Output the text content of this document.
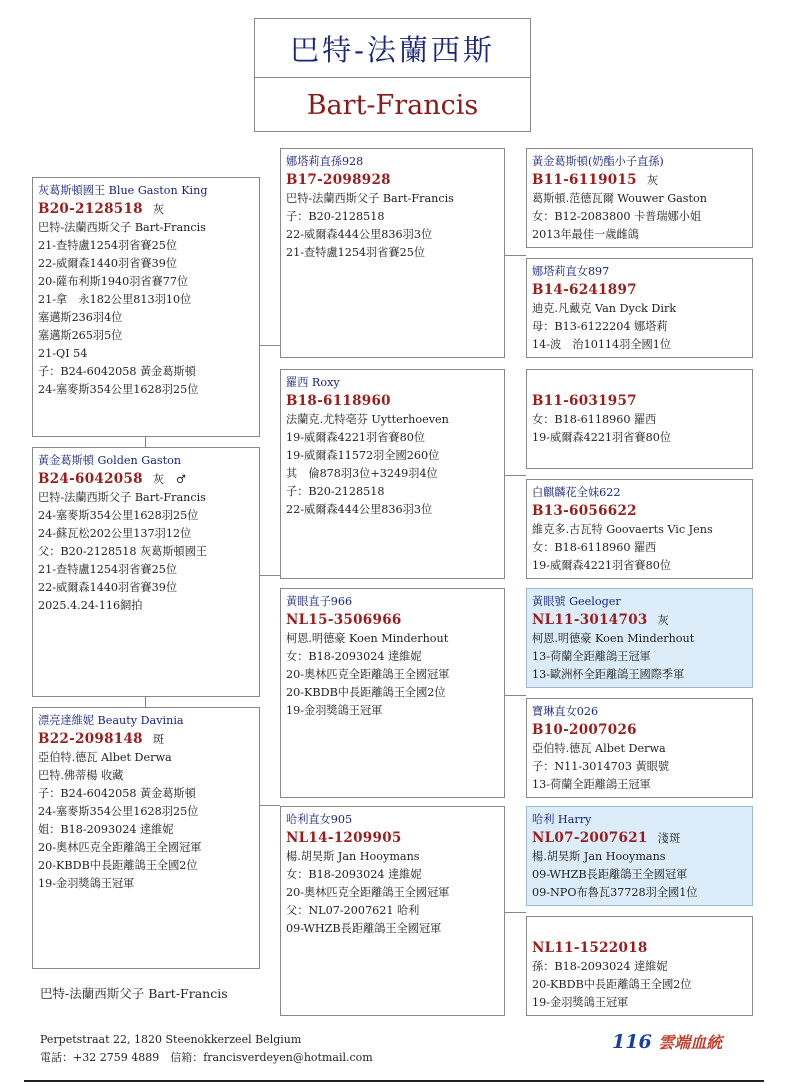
巴特-法蘭西斯
Bart-Francis
灰葛斯頓國王 Blue Gaston King
B20-2128518 灰
巴特-法蘭西斯父子 Bart-Francis
21-查特盧1254羽省賽25位
22-威爾森1440羽省賽39位
20-薩布利斯1940羽省賽77位
21-拿　永182公里813羽10位
塞邁斯236羽4位
塞邁斯265羽5位
21-QI 54
子：B24-6042058 黃金葛斯頓
24-塞麥斯354公里1628羽25位
黃金葛斯頓 Golden Gaston
B24-6042058 灰　♂
巴特-法蘭西斯父子 Bart-Francis
24-塞麥斯354公里1628羽25位
24-蘇瓦松202公里137羽12位
父：B20-2128518 灰葛斯頓國王
21-查特盧1254羽省賽25位
22-威爾森1440羽省賽39位
2025.4.24-116網拍
漂亮達維妮 Beauty Davinia
B22-2098148 斑
亞伯特.德瓦 Albet Derwa
巴特.佛蒂楊 收藏
子：B24-6042058 黃金葛斯頓
24-塞麥斯354公里1628羽25位
姐：B18-2093024 達維妮
20-奧林匹克全距離鴿王全國冠軍
20-KBDB中長距離鴿王全國2位
19-金羽獎鴿王冠軍
娜塔莉直孫928
B17-2098928
巴特-法蘭西斯父子 Bart-Francis
子：B20-2128518
22-威爾森444公里836羽3位
21-查特盧1254羽省賽25位
羅西 Roxy
B18-6118960
法蘭克.尤特亳芬 Uytterhoeven
19-威爾森4221羽省賽80位
19-威爾森11572羽全國260位
其　倫878羽3位+3249羽4位
子：B20-2128518
22-威爾森444公里836羽3位
黃眼直子966
NL15-3506966
柯恩.明德豪 Koen Minderhout
女：B18-2093024 達維妮
20-奧林匹克全距離鴿王全國冠軍
20-KBDB中長距離鴿王全國2位
19-金羽獎鴿王冠軍
哈利直女905
NL14-1209905
楊.胡昊斯 Jan Hooymans
女：B18-2093024 達維妮
20-奧林匹克全距離鴿王全國冠軍
父：NL07-2007621 哈利
09-WHZB長距離鴿王全國冠軍
黃金葛斯頓(奶酯小子直孫)
B11-6119015 灰
葛斯頓.范德瓦爾 Wouwer Gaston
女：B12-2083800 卡普瑞娜小姐
2013年最佳一歲雌鴿
娜塔莉直女897
B14-6241897
迪克.凡戴克 Van Dyck Dirk
母：B13-6122204 娜塔莉
14-波　治10114羽全國1位
B11-6031957
女：B18-6118960 羅西
19-威爾森4221羽省賽80位
白麒麟花全妹622
B13-6056622
維克多.古瓦特 Goovaerts Vic Jens
女：B18-6118960 羅西
19-威爾森4221羽省賽80位
黃眼號 Geeloger
NL11-3014703 灰
柯恩.明德豪 Koen Minderhout
13-荷蘭全距離鴿王冠軍
13-歐洲杯全距離鴿王國際季軍
寶琳直女026
B10-2007026
亞伯特.德瓦 Albet Derwa
子：N11-3014703 黃眼號
13-荷蘭全距離鴿王冠軍
哈利 Harry
NL07-2007621 淺斑
楊.胡昊斯 Jan Hooymans
09-WHZB長距離鴿王全國冠軍
09-NPO布魯瓦37728羽全國1位
NL11-1522018
孫：B18-2093024 達維妮
20-KBDB中長距離鴿王全國2位
19-金羽獎鴿王冠軍
巴特-法蘭西斯父子 Bart-Francis
Perpetstraat 22, 1820 Steenokkerzeel Belgium
電話：+32 2759 4889　信箱：francisverdeyen@hotmail.com
116 雲端血統
